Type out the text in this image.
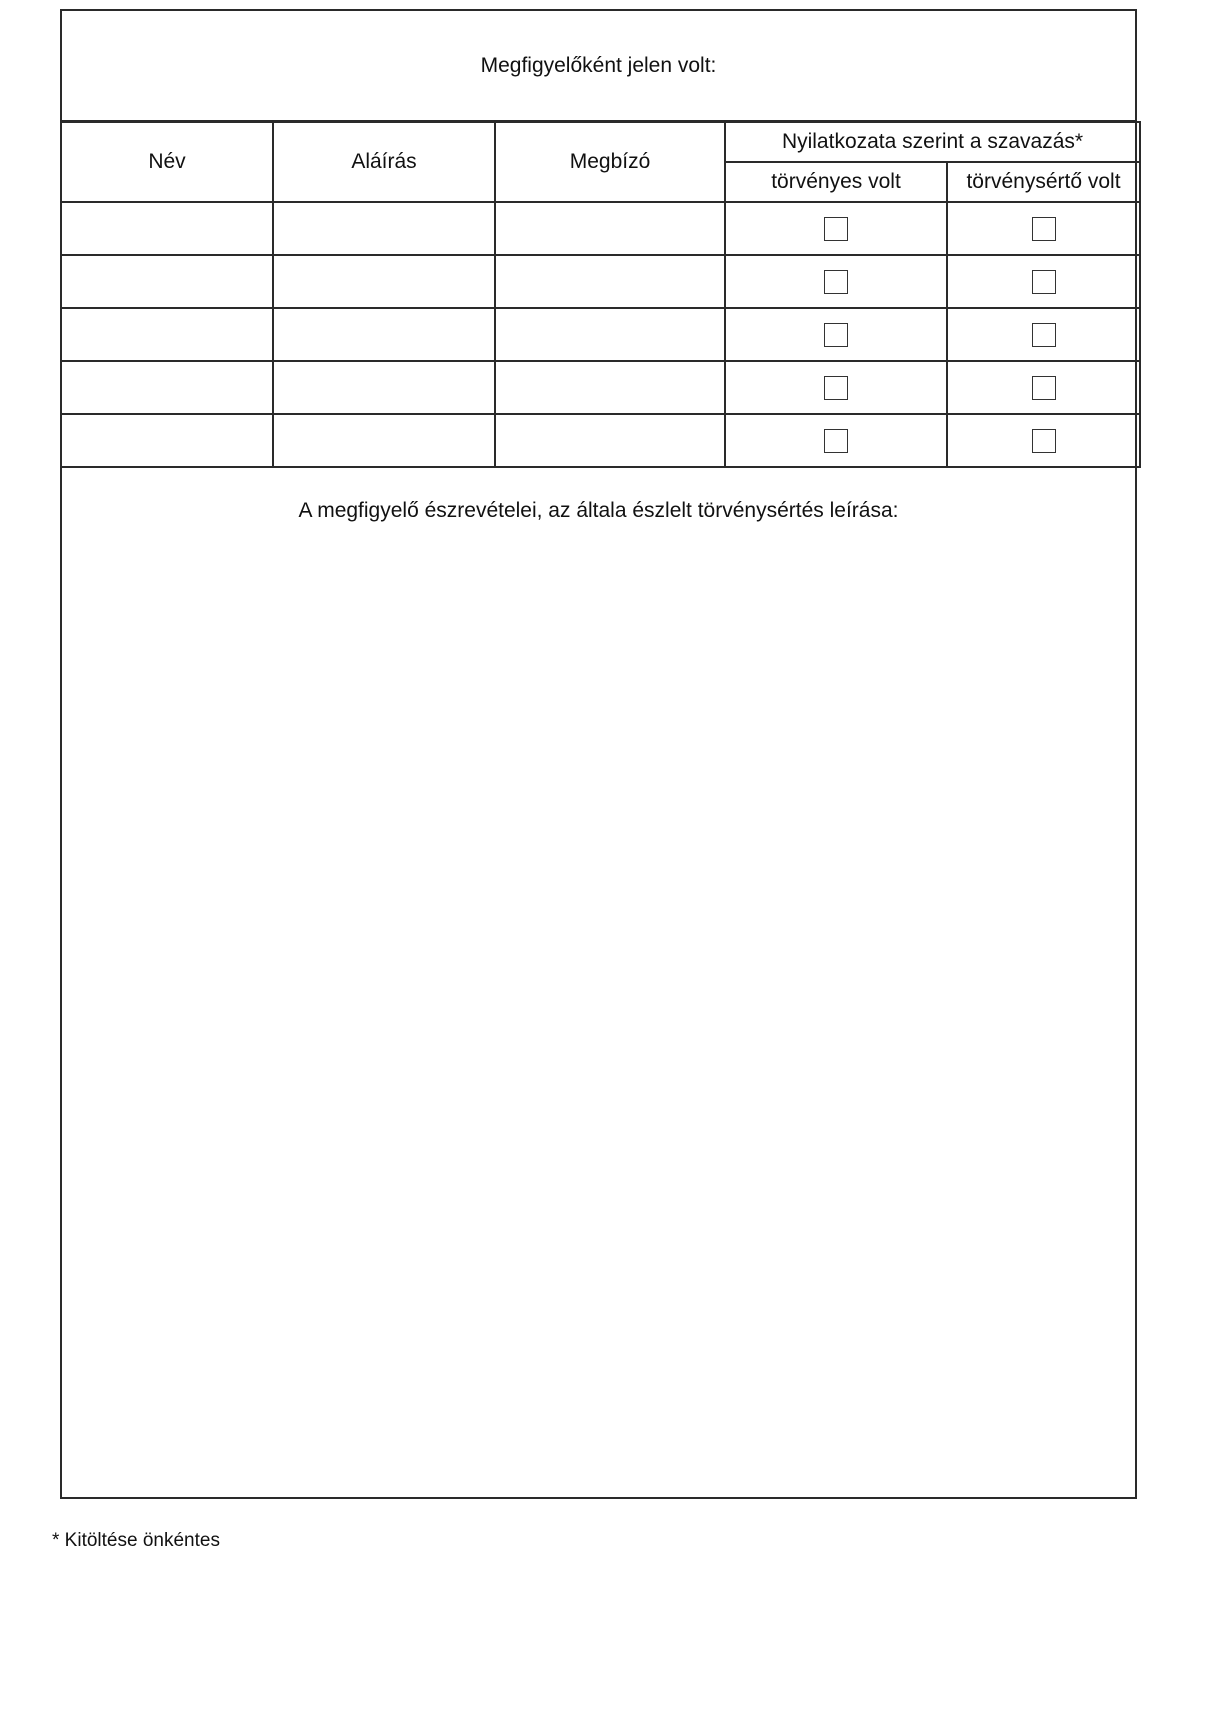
Megfigyelőként jelen volt:
Név	Aláírás	Megbízó	Nyilatkozata szerint a szavazás*	
			törvényes volt	törvénysértő volt

A megfigyelő észrevételei, az általa észlelt törvénysértés leírása:
* Kitöltése önkéntes
